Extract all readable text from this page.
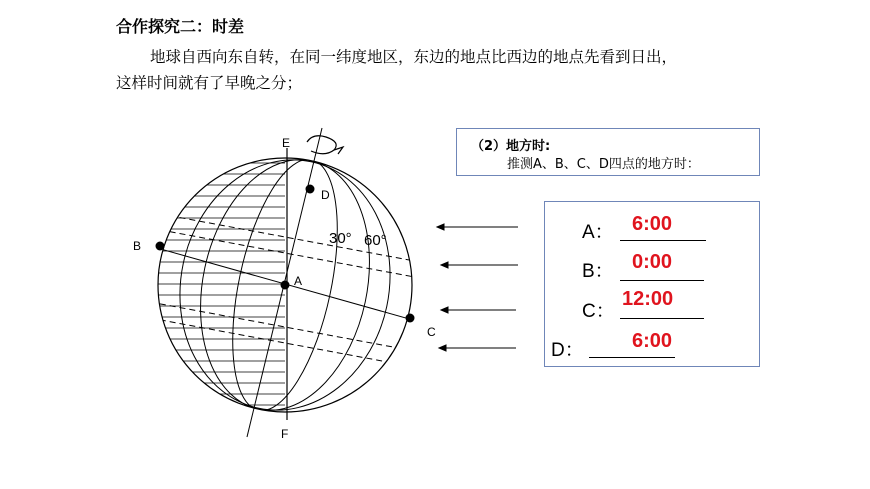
合作探究二：时差
地球自西向东自转，在同一纬度地区，东边的地点比西边的地点先看到日出，
这样时间就有了早晚之分；
E
D
B
A
C
F
30° 60°
（2）地方时:
推测A、B、C、D四点的地方时：
A： 6:00
B： 0:00
C：
12:00
D： 6:00
